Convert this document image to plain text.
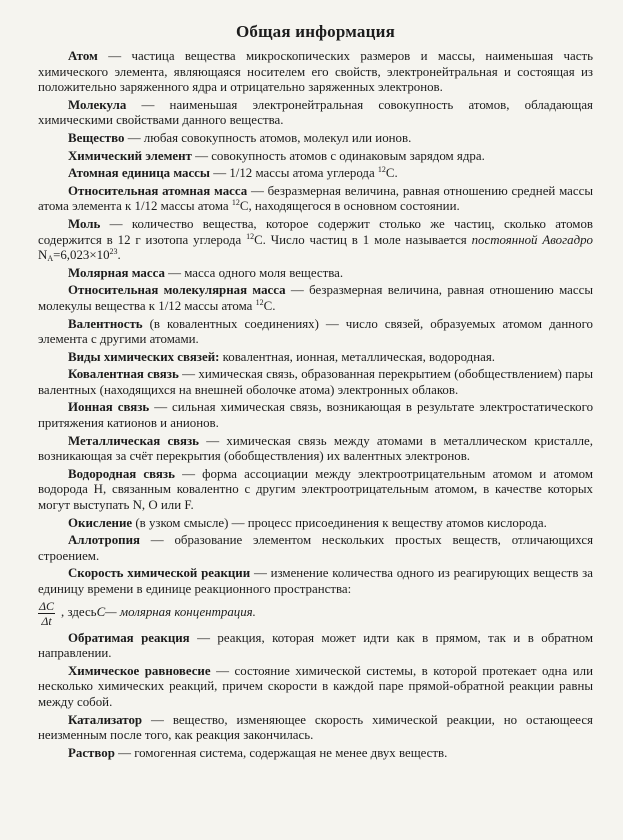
Общая информация

Атом — частица вещества микроскопических размеров и массы, наименьшая часть химического элемента, являющаяся носителем его свойств, электронейтральная и состоящая из положительно заряженного ядра и отрицательно заряженных электронов.

Молекула — наименьшая электронейтральная совокупность атомов, обладающая химическими свойствами данного вещества.

Вещество — любая совокупность атомов, молекул или ионов.

Химический элемент — совокупность атомов с одинаковым зарядом ядра.

Атомная единица массы — 1/12 массы атома углерода $^{12}$C.

Относительная атомная масса — безразмерная величина, равная отношению средней массы атома элемента к 1/12 массы атома $^{12}$C, находящегося в основном состоянии.

Моль — количество вещества, которое содержит столько же частиц, сколько атомов содержится в 12 г изотопа углерода $^{12}$C. Число частиц в 1 моле называется постоянной Авогадро $N_A=6,023\times 10^{23}$.

Молярная масса — масса одного моля вещества.

Относительная молекулярная масса — безразмерная величина, равная отношению массы молекулы вещества к 1/12 массы атома $^{12}$C.

Валентность (в ковалентных соединениях) — число связей, образуемых атомом данного элемента с другими атомами.

Виды химических связей: ковалентная, ионная, металлическая, водородная.

Ковалентная связь — химическая связь, образованная перекрытием (обобществлением) пары валентных (находящихся на внешней оболочке атома) электронных облаков.

Ионная связь — сильная химическая связь, возникающая в результате электростатического притяжения катионов и анионов.

Металлическая связь — химическая связь между атомами в металлическом кристалле, возникающая за счёт перекрытия (обобществления) их валентных электронов.

Водородная связь — форма ассоциации между электроотрицательным атомом и атомом водорода H, связанным ковалентно с другим электроотрицательным атомом, в качестве которых могут выступать N, O или F.

Окисление (в узком смысле) — процесс присоединения к веществу атомов кислорода.

Аллотропия — образование элементом нескольких простых веществ, отличающихся строением.

Скорость химической реакции — изменение количества одного из реагирующих веществ за единицу времени в единице реакционного пространства:

$\frac{\Delta C}{\Delta t}$ , здесь C — молярная концентрация.

Обратимая реакция — реакция, которая может идти как в прямом, так и в обратном направлении.

Химическое равновесие — состояние химической системы, в которой протекает одна или несколько химических реакций, причем скорости в каждой паре прямой-обратной реакции равны между собой.

Катализатор — вещество, изменяющее скорость химической реакции, но остающееся неизменным после того, как реакция закончилась.

Раствор — гомогенная система, содержащая не менее двух веществ.
